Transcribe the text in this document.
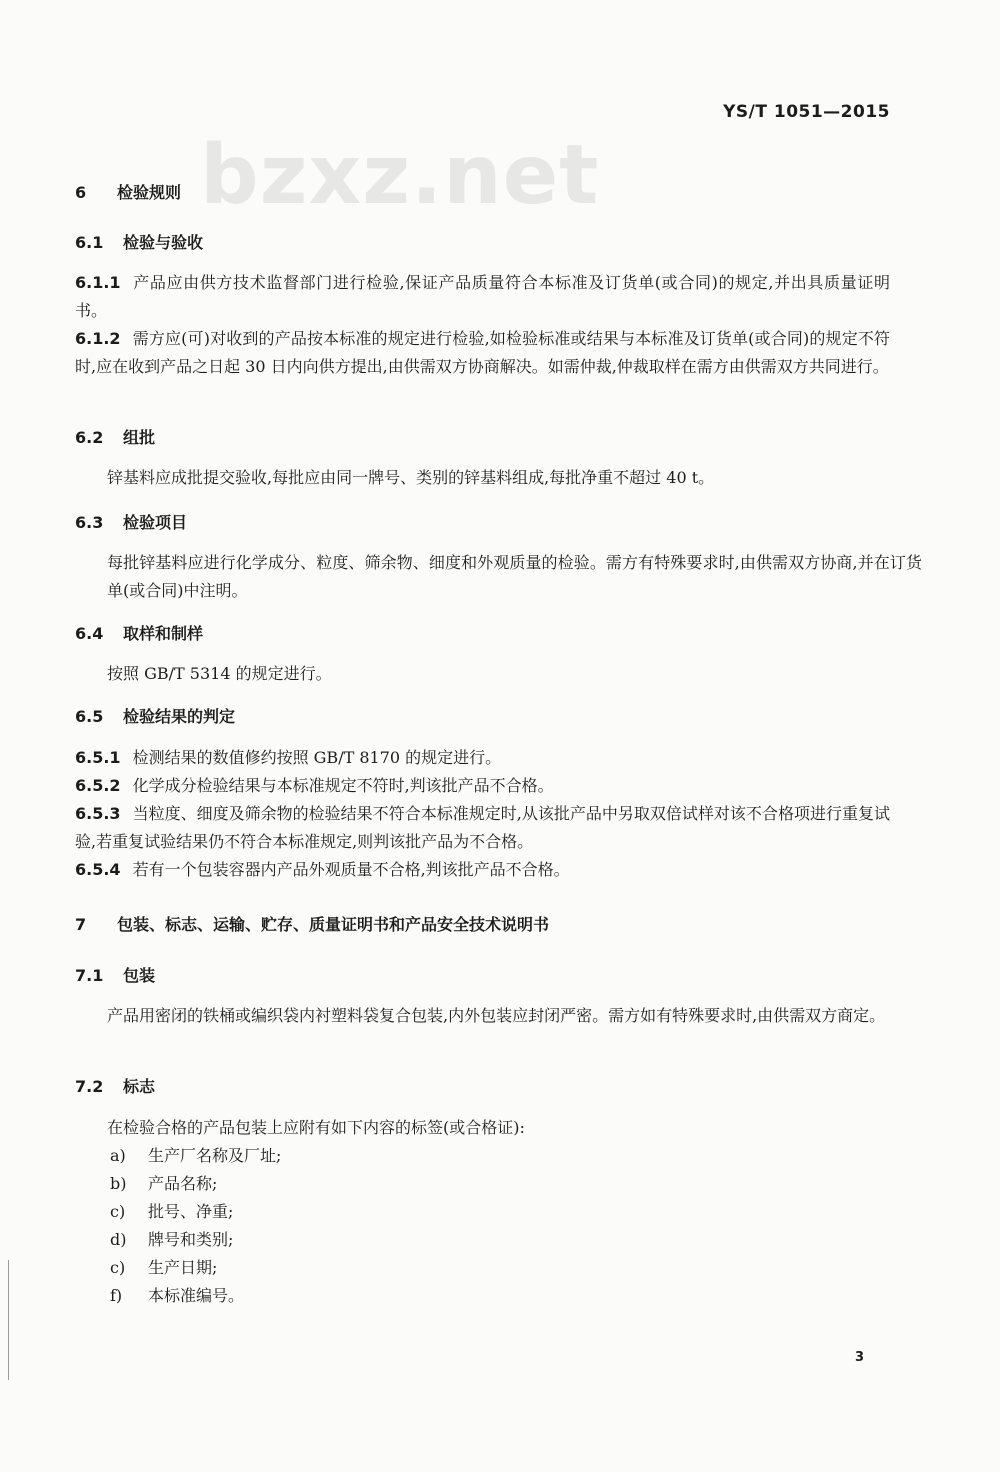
bzxz.net
YS/T 1051—2015
6 检验规则
6.1 检验与验收
6.1.1 产品应由供方技术监督部门进行检验,保证产品质量符合本标准及订货单(或合同)的规定,并出具质量证明书。
6.1.2 需方应(可)对收到的产品按本标准的规定进行检验,如检验标准或结果与本标准及订货单(或合同)的规定不符时,应在收到产品之日起 30 日内向供方提出,由供需双方协商解决。如需仲裁,仲裁取样在需方由供需双方共同进行。
6.2 组批
锌基料应成批提交验收,每批应由同一牌号、类别的锌基料组成,每批净重不超过 40 t。
6.3 检验项目
每批锌基料应进行化学成分、粒度、筛余物、细度和外观质量的检验。需方有特殊要求时,由供需双方协商,并在订货单(或合同)中注明。
6.4 取样和制样
按照 GB/T 5314 的规定进行。
6.5 检验结果的判定
6.5.1 检测结果的数值修约按照 GB/T 8170 的规定进行。
6.5.2 化学成分检验结果与本标准规定不符时,判该批产品不合格。
6.5.3 当粒度、细度及筛余物的检验结果不符合本标准规定时,从该批产品中另取双倍试样对该不合格项进行重复试验,若重复试验结果仍不符合本标准规定,则判该批产品为不合格。
6.5.4 若有一个包装容器内产品外观质量不合格,判该批产品不合格。
7 包装、标志、运输、贮存、质量证明书和产品安全技术说明书
7.1 包装
产品用密闭的铁桶或编织袋内衬塑料袋复合包装,内外包装应封闭严密。需方如有特殊要求时,由供需双方商定。
7.2 标志
在检验合格的产品包装上应附有如下内容的标签(或合格证):
a) 生产厂名称及厂址;
b) 产品名称;
c) 批号、净重;
d) 牌号和类别;
c) 生产日期;
f) 本标准编号。
3
